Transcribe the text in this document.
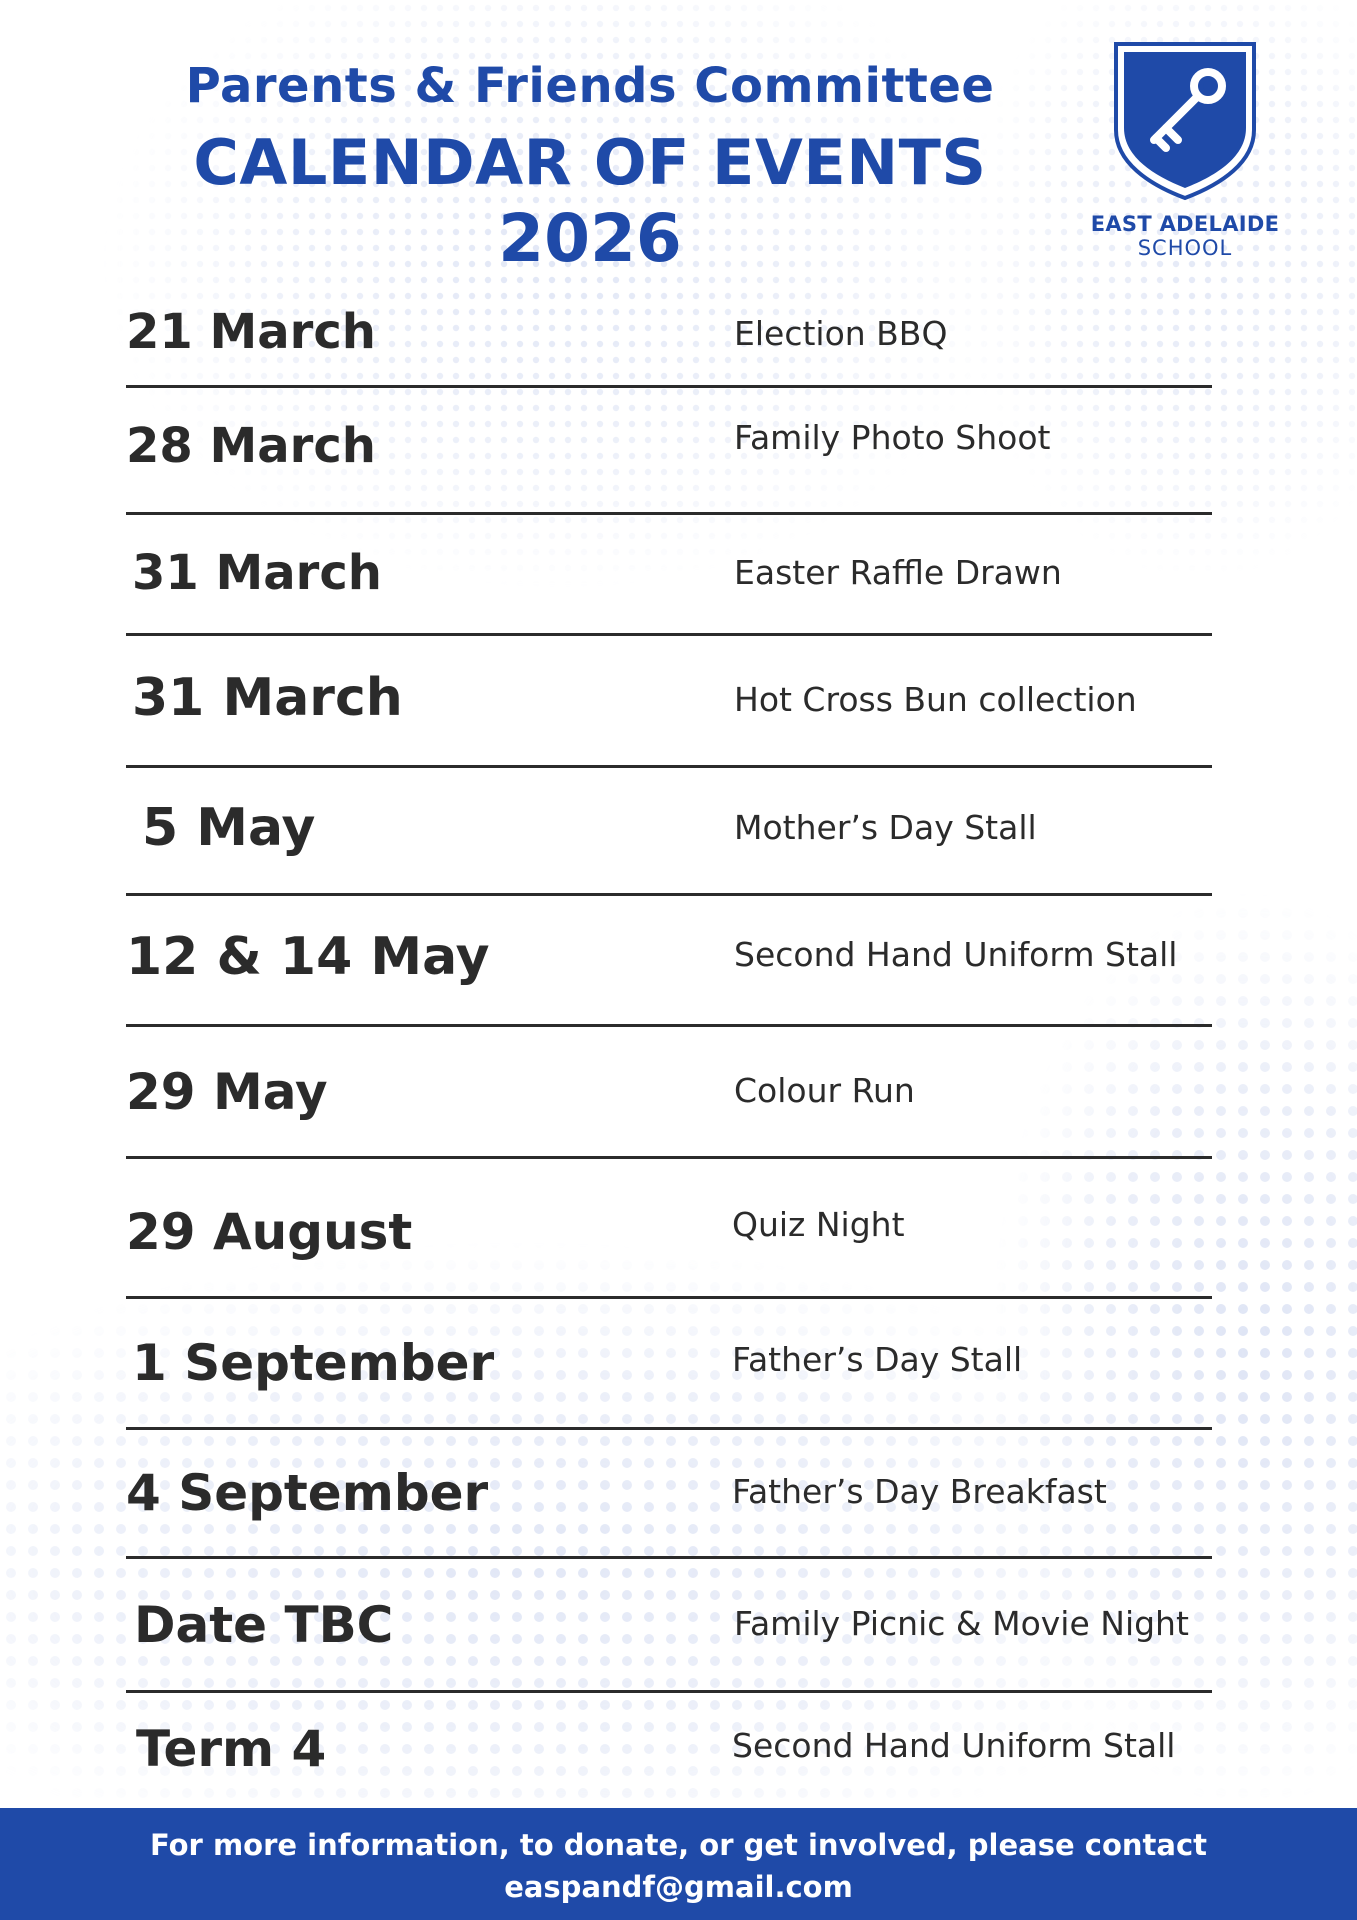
Parents & Friends Committee
CALENDAR OF EVENTS
2026	EAST ADELAIDE
SCHOOL
21 March	Election BBQ
28 March	Family Photo Shoot
31 March	Easter Raffle Drawn
31 March	Hot Cross Bun collection
5 May	Mother’s Day Stall
12 & 14 May	Second Hand Uniform Stall
29 May	Colour Run
29 August	Quiz Night
1 September	Father’s Day Stall
4 September	Father’s Day Breakfast
Date TBC	Family Picnic & Movie Night
Term 4	Second Hand Uniform Stall
For more information, to donate, or get involved, please contact
easpandf@gmail.com
